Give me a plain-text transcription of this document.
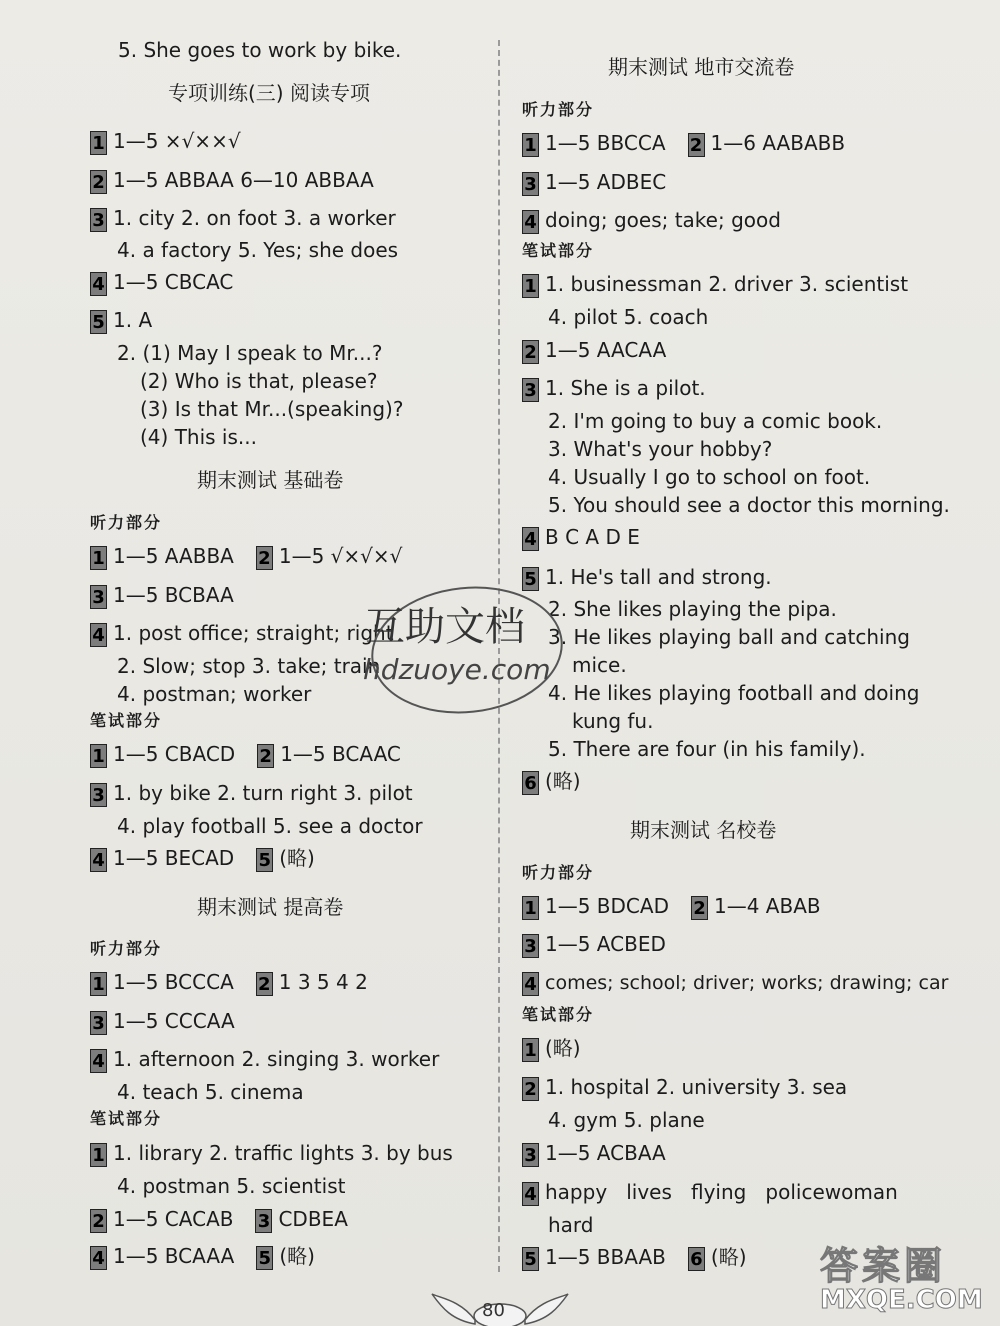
5. She goes to work by bike.
专项训练(三) 阅读专项
1 1—5 ×√××√
2 1—5 ABBAA 6—10 ABBAA
3 1. city 2. on foot 3. a worker
4. a factory 5. Yes; she does
4 1—5 CBCAC
5 1. A
2. (1) May I speak to Mr...?
(2) Who is that, please?
(3) Is that Mr...(speaking)?
(4) This is...
期末测试 基础卷
听力部分
1 1—5 AABBA 2 1—5 √×√×√
3 1—5 BCBAA
4 1. post office; straight; right
2. Slow; stop 3. take; train
4. postman; worker
笔试部分
1 1—5 CBACD 2 1—5 BCAAC
3 1. by bike 2. turn right 3. pilot
4. play football 5. see a doctor
4 1—5 BECAD 5 (略)
期末测试 提高卷
听力部分
1 1—5 BCCCA 2 1 3 5 4 2
3 1—5 CCCAA
4 1. afternoon 2. singing 3. worker
4. teach 5. cinema
笔试部分
1 1. library 2. traffic lights 3. by bus
4. postman 5. scientist
2 1—5 CACAB 3 CDBEA
4 1—5 BCAAA 5 (略)
期末测试 地市交流卷
听力部分
1 1—5 BBCCA 2 1—6 AABABB
3 1—5 ADBEC
4 doing; goes; take; good
笔试部分
1 1. businessman 2. driver 3. scientist
4. pilot 5. coach
2 1—5 AACAA
3 1. She is a pilot.
2. I'm going to buy a comic book.
3. What's your hobby?
4. Usually I go to school on foot.
5. You should see a doctor this morning.
4 B C A D E
5 1. He's tall and strong.
2. She likes playing the pipa.
3. He likes playing ball and catching
mice.
4. He likes playing football and doing
kung fu.
5. There are four (in his family).
6 (略)
期末测试 名校卷
听力部分
1 1—5 BDCAD 2 1—4 ABAB
3 1—5 ACBED
4 comes; school; driver; works; drawing; car
笔试部分
1 (略)
2 1. hospital 2. university 3. sea
4. gym 5. plane
3 1—5 ACBAA
4 happy   lives   flying   policewoman
hard
5 1—5 BBAAB 6 (略)
互助文档
hdzuoye.com
80
答案圈
MXQE.COM
